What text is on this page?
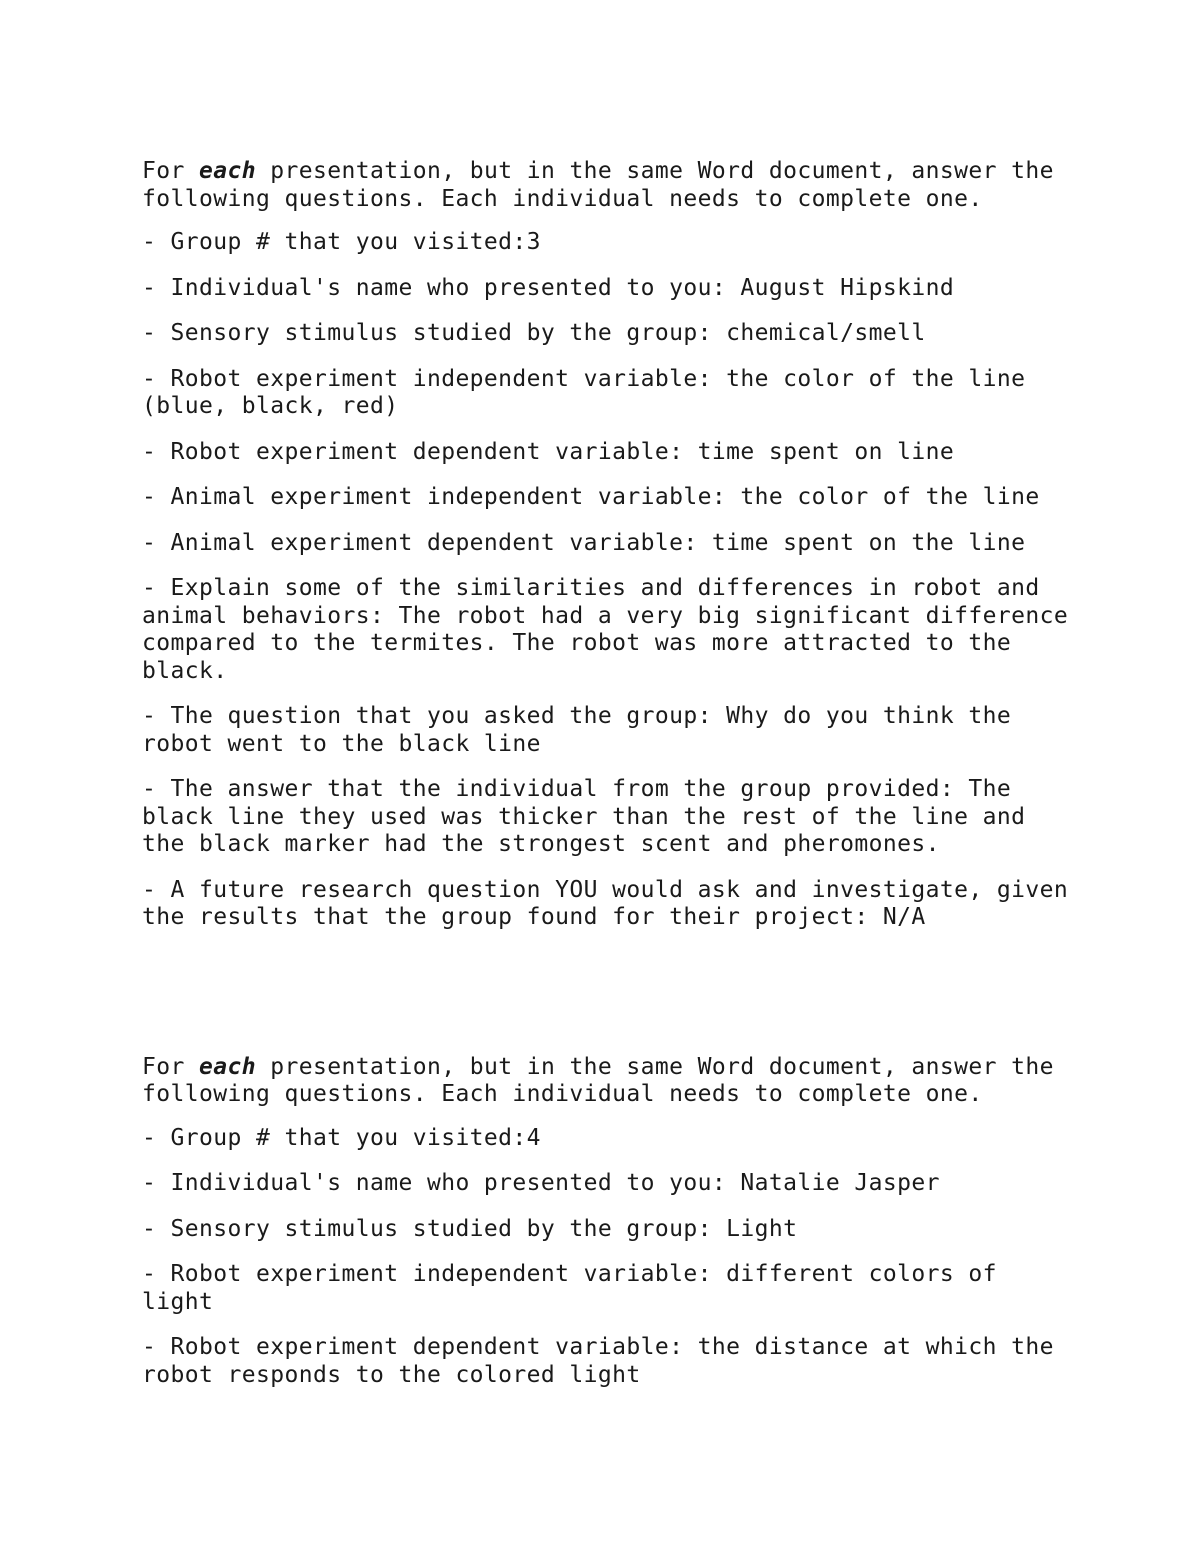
For each presentation, but in the same Word document, answer the following questions. Each individual needs to complete one.

- Group # that you visited:3

- Individual's name who presented to you: August Hipskind

- Sensory stimulus studied by the group: chemical/smell

- Robot experiment independent variable: the color of the line (blue, black, red)

- Robot experiment dependent variable: time spent on line

- Animal experiment independent variable: the color of the line

- Animal experiment dependent variable: time spent on the line

- Explain some of the similarities and differences in robot and animal behaviors: The robot had a very big significant difference compared to the termites. The robot was more attracted to the black.

- The question that you asked the group: Why do you think the robot went to the black line

- The answer that the individual from the group provided: The black line they used was thicker than the rest of the line and the black marker had the strongest scent and pheromones.

- A future research question YOU would ask and investigate, given the results that the group found for their project: N/A

For each presentation, but in the same Word document, answer the following questions. Each individual needs to complete one.

- Group # that you visited:4

- Individual's name who presented to you: Natalie Jasper

- Sensory stimulus studied by the group: Light

- Robot experiment independent variable: different colors of light

- Robot experiment dependent variable: the distance at which the robot responds to the colored light
